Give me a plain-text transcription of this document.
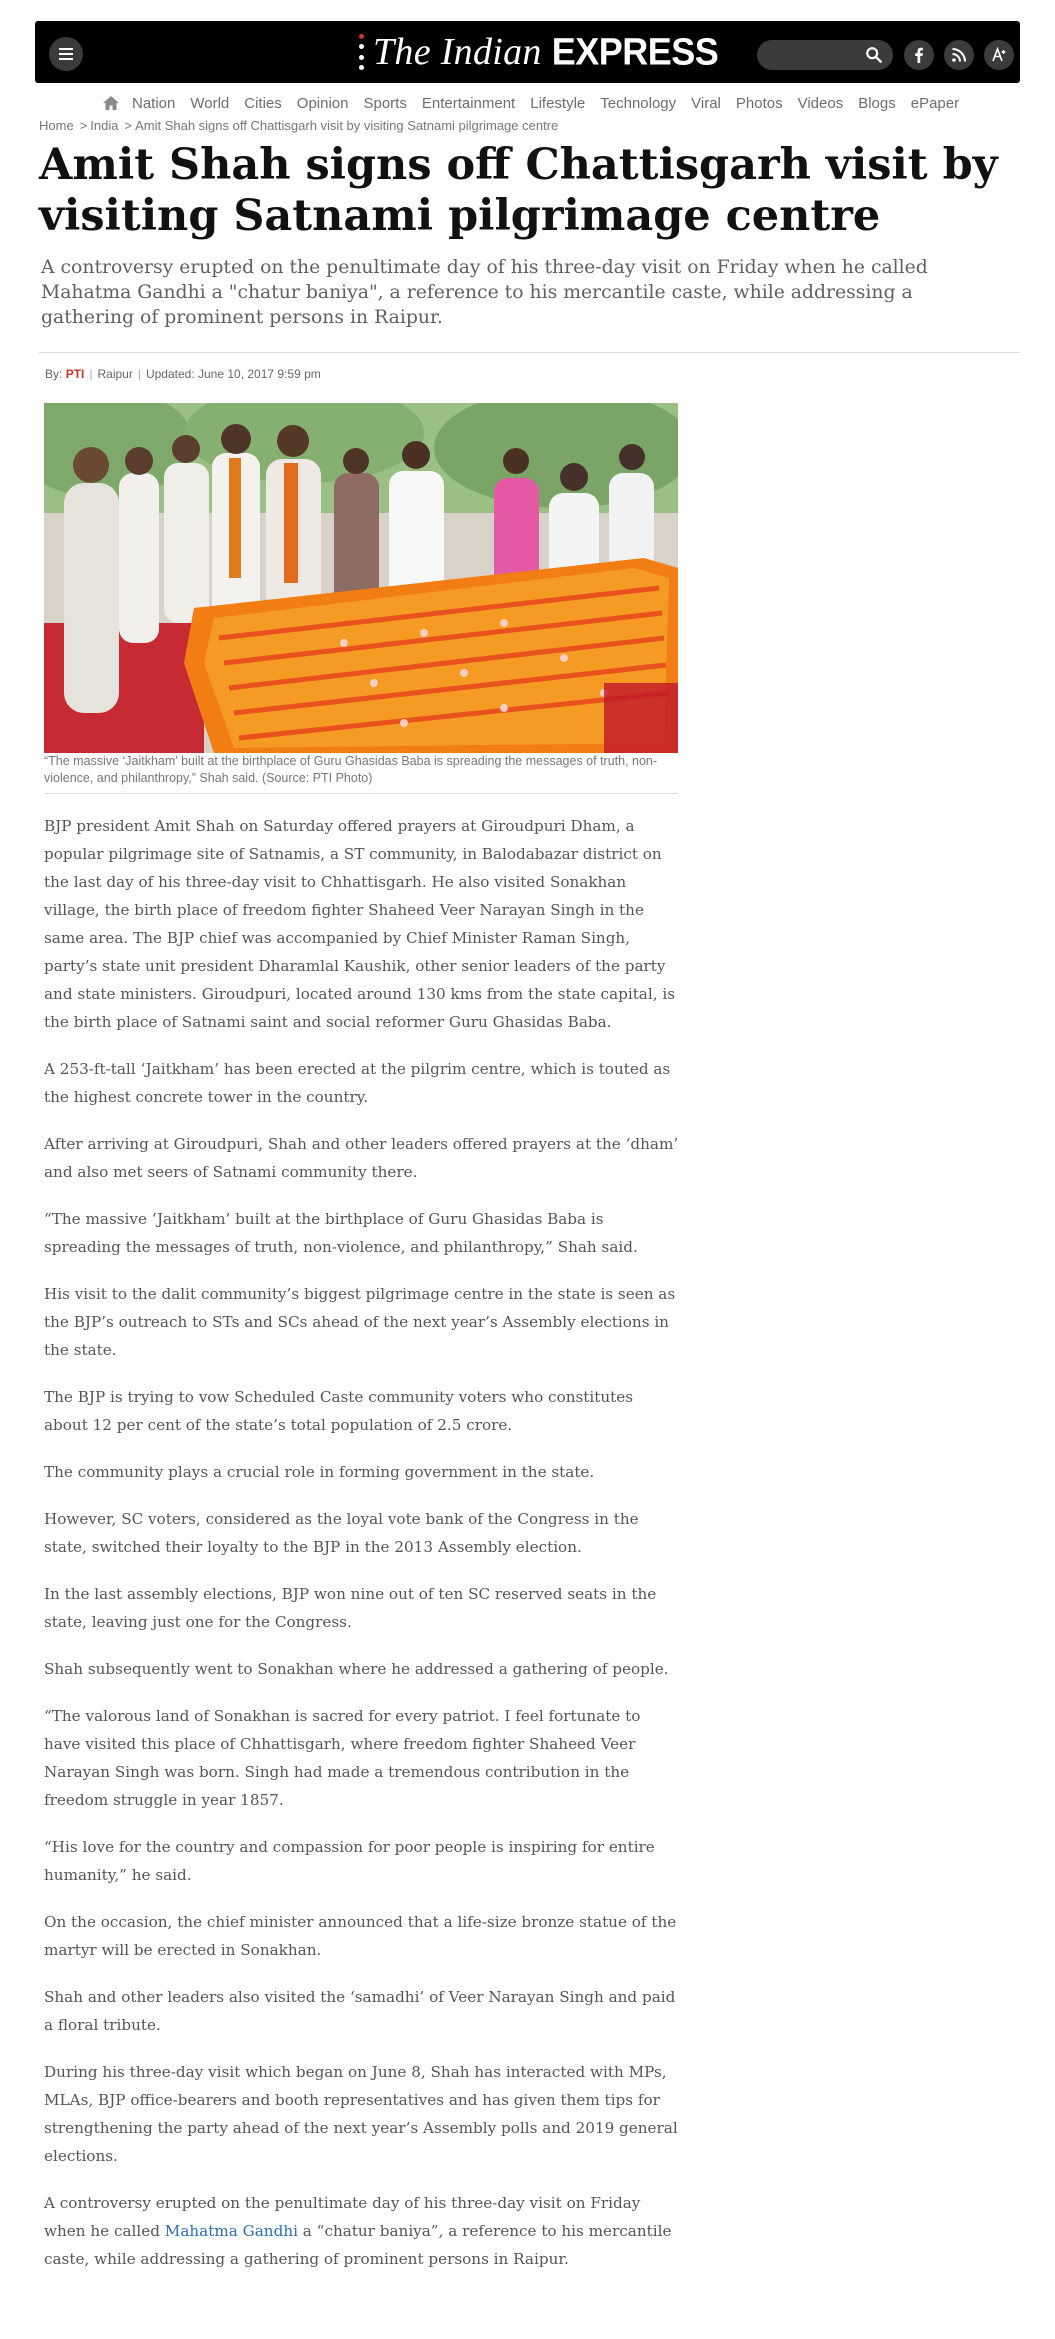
The Indian EXPRESS
Nation World Cities Opinion Sports Entertainment Lifestyle Technology Viral Photos Videos Blogs ePaper
Home > India > Amit Shah signs off Chattisgarh visit by visiting Satnami pilgrimage centre
Amit Shah signs off Chattisgarh visit by visiting Satnami pilgrimage centre
A controversy erupted on the penultimate day of his three-day visit on Friday when he called Mahatma Gandhi a "chatur baniya", a reference to his mercantile caste, while addressing a gathering of prominent persons in Raipur.
By: PTI | Raipur | Updated: June 10, 2017 9:59 pm

“The massive ‘Jaitkham’ built at the birthplace of Guru Ghasidas Baba is spreading the messages of truth, non-violence, and philanthropy,” Shah said. (Source: PTI Photo)

BJP president Amit Shah on Saturday offered prayers at Giroudpuri Dham, a popular pilgrimage site of Satnamis, a ST community, in Balodabazar district on the last day of his three-day visit to Chhattisgarh. He also visited Sonakhan village, the birth place of freedom fighter Shaheed Veer Narayan Singh in the same area. The BJP chief was accompanied by Chief Minister Raman Singh, party’s state unit president Dharamlal Kaushik, other senior leaders of the party and state ministers. Giroudpuri, located around 130 kms from the state capital, is the birth place of Satnami saint and social reformer Guru Ghasidas Baba.

A 253-ft-tall ‘Jaitkham’ has been erected at the pilgrim centre, which is touted as the highest concrete tower in the country.

After arriving at Giroudpuri, Shah and other leaders offered prayers at the ‘dham’ and also met seers of Satnami community there.

“The massive ‘Jaitkham’ built at the birthplace of Guru Ghasidas Baba is spreading the messages of truth, non-violence, and philanthropy,” Shah said.

His visit to the dalit community’s biggest pilgrimage centre in the state is seen as the BJP’s outreach to STs and SCs ahead of the next year’s Assembly elections in the state.

The BJP is trying to vow Scheduled Caste community voters who constitutes about 12 per cent of the state’s total population of 2.5 crore.

The community plays a crucial role in forming government in the state.

However, SC voters, considered as the loyal vote bank of the Congress in the state, switched their loyalty to the BJP in the 2013 Assembly election.

In the last assembly elections, BJP won nine out of ten SC reserved seats in the state, leaving just one for the Congress.

Shah subsequently went to Sonakhan where he addressed a gathering of people.

“The valorous land of Sonakhan is sacred for every patriot. I feel fortunate to have visited this place of Chhattisgarh, where freedom fighter Shaheed Veer Narayan Singh was born. Singh had made a tremendous contribution in the freedom struggle in year 1857.

“His love for the country and compassion for poor people is inspiring for entire humanity,” he said.

On the occasion, the chief minister announced that a life-size bronze statue of the martyr will be erected in Sonakhan.

Shah and other leaders also visited the ‘samadhi’ of Veer Narayan Singh and paid a floral tribute.

During his three-day visit which began on June 8, Shah has interacted with MPs, MLAs, BJP office-bearers and booth representatives and has given them tips for strengthening the party ahead of the next year’s Assembly polls and 2019 general elections.

A controversy erupted on the penultimate day of his three-day visit on Friday when he called Mahatma Gandhi a “chatur baniya”, a reference to his mercantile caste, while addressing a gathering of prominent persons in Raipur.
